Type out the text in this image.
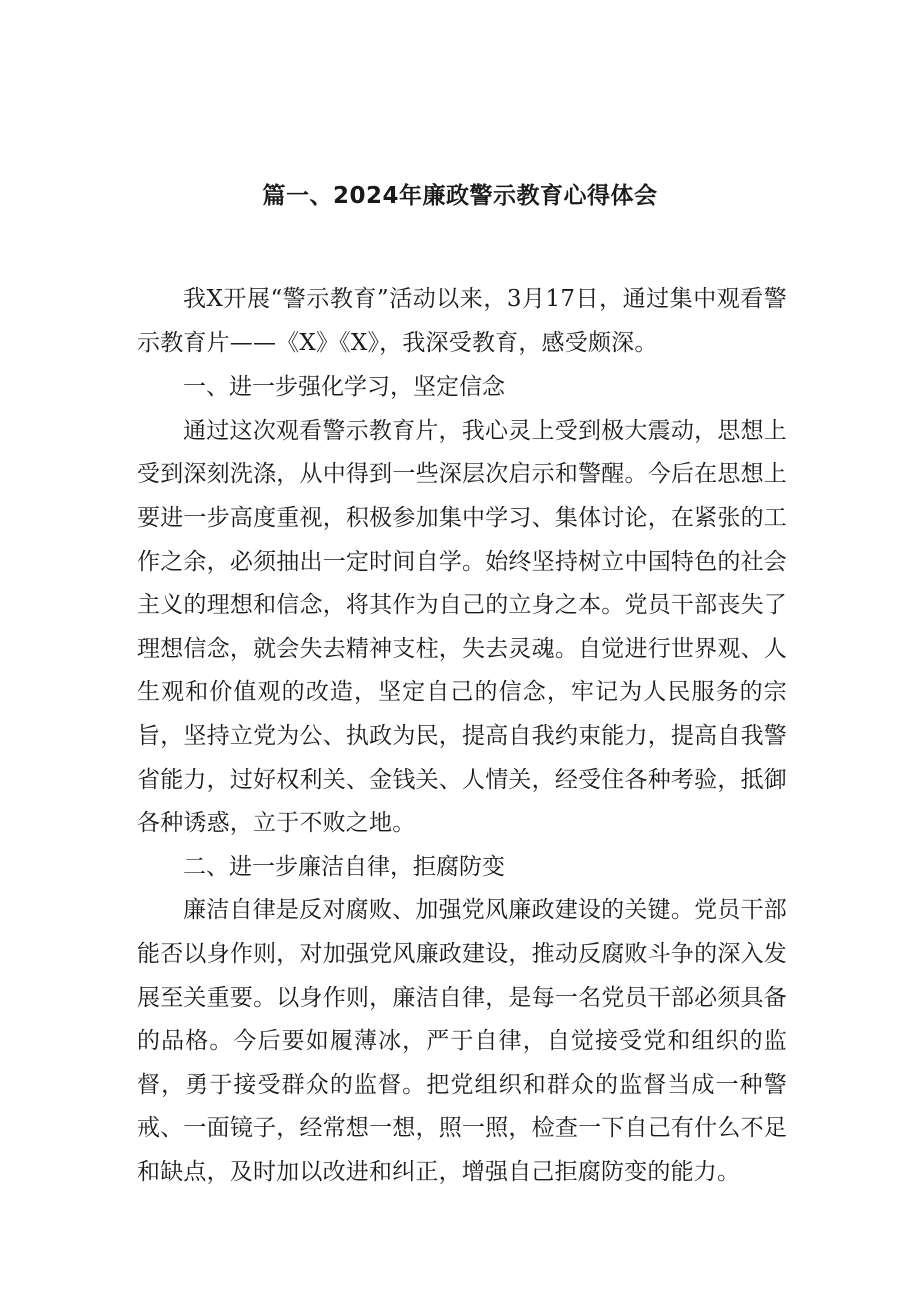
篇一、2024年廉政警示教育心得体会

我X开展“警示教育”活动以来，3月17日，通过集中观看警示教育片——《X》《X》，我深受教育，感受颇深。

一、进一步强化学习，坚定信念

通过这次观看警示教育片，我心灵上受到极大震动，思想上受到深刻洗涤，从中得到一些深层次启示和警醒。今后在思想上要进一步高度重视，积极参加集中学习、集体讨论，在紧张的工作之余，必须抽出一定时间自学。始终坚持树立中国特色的社会主义的理想和信念，将其作为自己的立身之本。党员干部丧失了理想信念，就会失去精神支柱，失去灵魂。自觉进行世界观、人生观和价值观的改造，坚定自己的信念，牢记为人民服务的宗旨，坚持立党为公、执政为民，提高自我约束能力，提高自我警省能力，过好权利关、金钱关、人情关，经受住各种考验，抵御各种诱惑，立于不败之地。

二、进一步廉洁自律，拒腐防变

廉洁自律是反对腐败、加强党风廉政建设的关键。党员干部能否以身作则，对加强党风廉政建设，推动反腐败斗争的深入发展至关重要。以身作则，廉洁自律，是每一名党员干部必须具备的品格。今后要如履薄冰，严于自律，自觉接受党和组织的监督，勇于接受群众的监督。把党组织和群众的监督当成一种警戒、一面镜子，经常想一想，照一照，检查一下自己有什么不足和缺点，及时加以改进和纠正，增强自己拒腐防变的能力。
